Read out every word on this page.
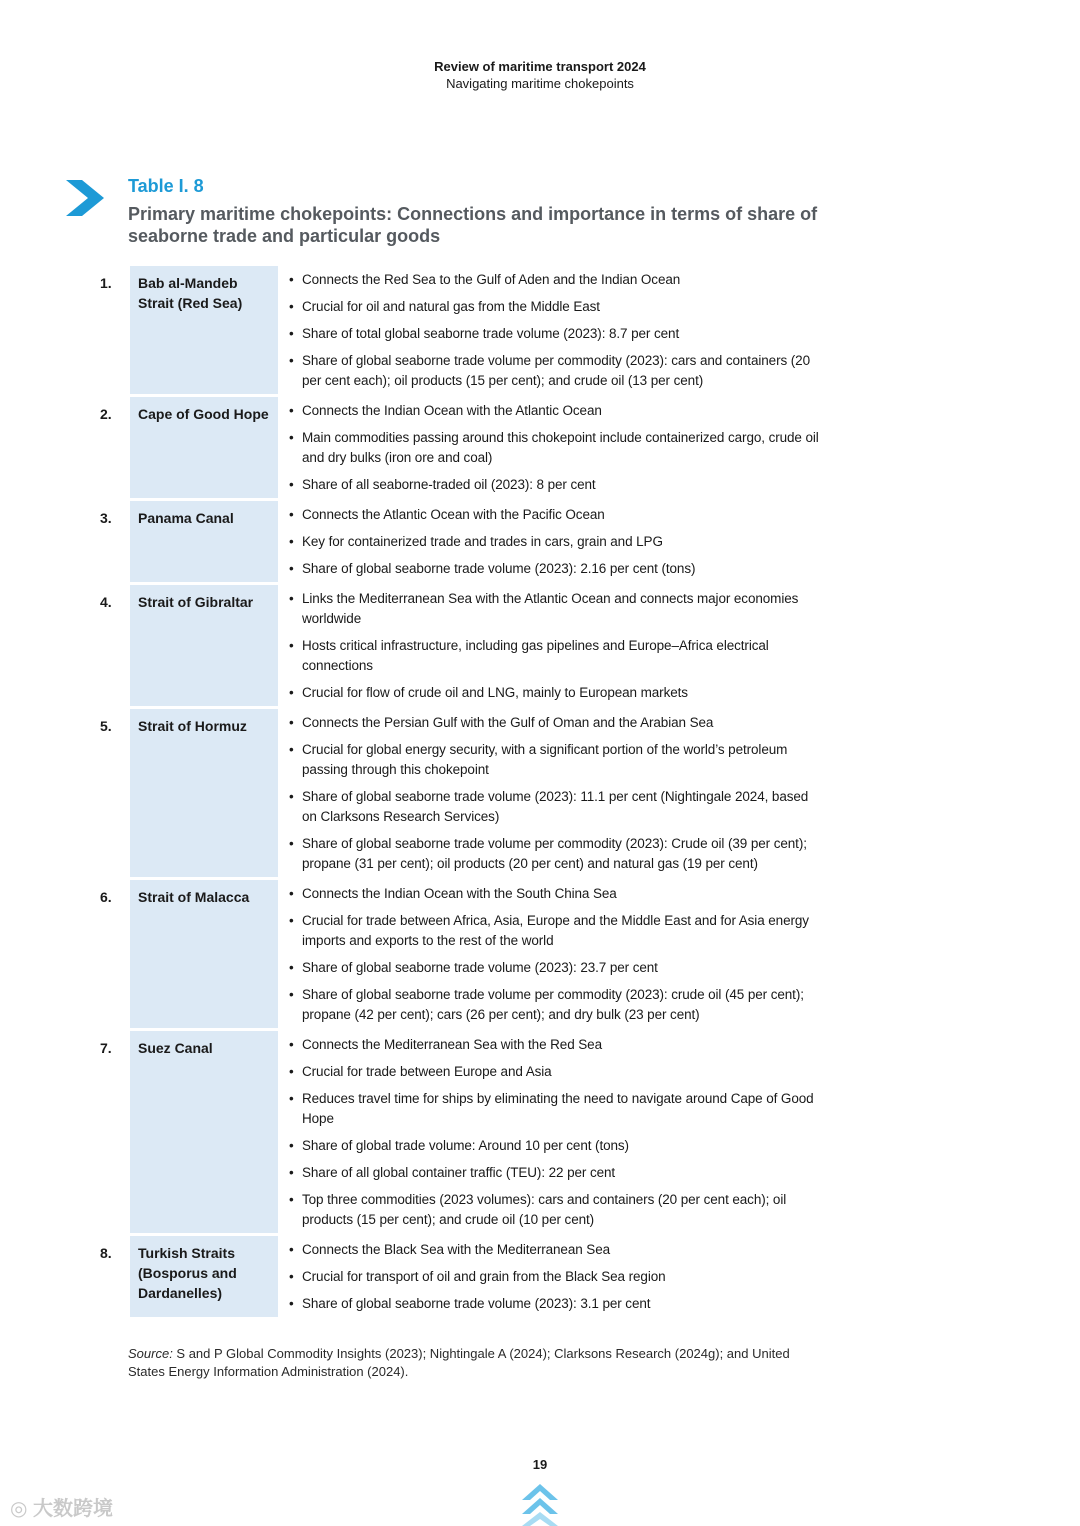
Review of maritime transport 2024
Navigating maritime chokepoints
Table I. 8
Primary maritime chokepoints: Connections and importance in terms of share of seaborne trade and particular goods
1.	Bab al-Mandeb Strait (Red Sea)
• Connects the Red Sea to the Gulf of Aden and the Indian Ocean
• Crucial for oil and natural gas from the Middle East
• Share of total global seaborne trade volume (2023): 8.7 per cent
• Share of global seaborne trade volume per commodity (2023): cars and containers (20 per cent each); oil products (15 per cent); and crude oil (13 per cent)
2.	Cape of Good Hope	• Connects the Indian Ocean with the Atlantic Ocean
• Main commodities passing around this chokepoint include containerized cargo, crude oil and dry bulks (iron ore and coal)
• Share of all seaborne-traded oil (2023): 8 per cent
3.	Panama Canal	• Connects the Atlantic Ocean with the Pacific Ocean
• Key for containerized trade and trades in cars, grain and LPG
• Share of global seaborne trade volume (2023): 2.16 per cent (tons)
4.	Strait of Gibraltar	• Links the Mediterranean Sea with the Atlantic Ocean and connects major economies worldwide
• Hosts critical infrastructure, including gas pipelines and Europe–Africa electrical connections
• Crucial for flow of crude oil and LNG, mainly to European markets
5.	Strait of Hormuz	• Connects the Persian Gulf with the Gulf of Oman and the Arabian Sea
• Crucial for global energy security, with a significant portion of the world’s petroleum passing through this chokepoint
• Share of global seaborne trade volume (2023): 11.1 per cent (Nightingale 2024, based on Clarksons Research Services)
• Share of global seaborne trade volume per commodity (2023): Crude oil (39 per cent); propane (31 per cent); oil products (20 per cent) and natural gas (19 per cent)
6.	Strait of Malacca	• Connects the Indian Ocean with the South China Sea
• Crucial for trade between Africa, Asia, Europe and the Middle East and for Asia energy imports and exports to the rest of the world
• Share of global seaborne trade volume (2023): 23.7 per cent
• Share of global seaborne trade volume per commodity (2023): crude oil (45 per cent); propane (42 per cent); cars (26 per cent); and dry bulk (23 per cent)
7.	Suez Canal	• Connects the Mediterranean Sea with the Red Sea
• Crucial for trade between Europe and Asia
• Reduces travel time for ships by eliminating the need to navigate around Cape of Good Hope
• Share of global trade volume: Around 10 per cent (tons)
• Share of all global container traffic (TEU): 22 per cent
• Top three commodities (2023 volumes): cars and containers (20 per cent each); oil products (15 per cent); and crude oil (10 per cent)
8.	Turkish Straits (Bosporus and Dardanelles)
• Connects the Black Sea with the Mediterranean Sea
• Crucial for transport of oil and grain from the Black Sea region
• Share of global seaborne trade volume (2023): 3.1 per cent
Source: S and P Global Commodity Insights (2023); Nightingale A (2024); Clarksons Research (2024g); and United States Energy Information Administration (2024).
19
◎ 大数跨境
